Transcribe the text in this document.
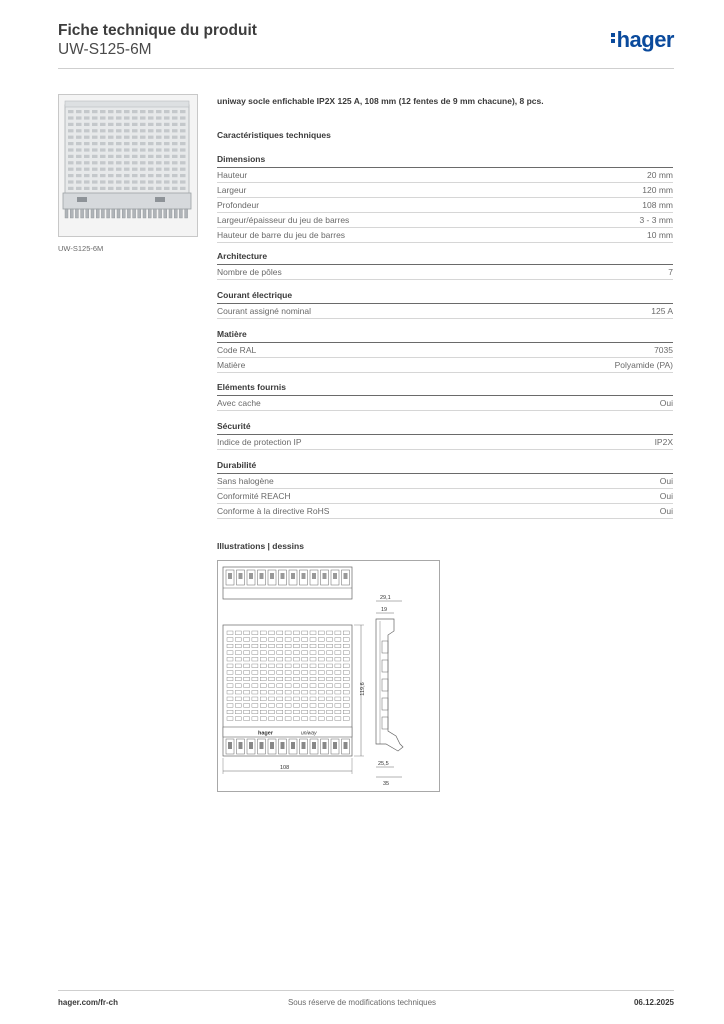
Fiche technique du produit
UW-S125-6M	hager
UW-S125-6M
uniway socle enfichable IP2X 125 A, 108 mm (12 fentes de 9 mm chacune), 8 pcs.
Caractéristiques techniques
Dimensions
Hauteur	20 mm
Largeur	120 mm
Profondeur	108 mm
Largeur/épaisseur du jeu de barres	3 - 3 mm
Hauteur de barre du jeu de barres	10 mm
Architecture
Nombre de pôles	7
Courant électrique
Courant assigné nominal	125 A
Matière
Code RAL	7035
Matière	Polyamide (PA)
Eléments fournis
Avec cache	Oui
Sécurité
Indice de protection IP	IP2X
Durabilité
Sans halogène	Oui
Conformité REACH	Oui
Conforme à la directive RoHS	Oui
Illustrations | dessins
hager	uniway
108
119,6
29,1
19
25,5
35
hager.com/fr-ch	Sous réserve de modifications techniques	06.12.2025
